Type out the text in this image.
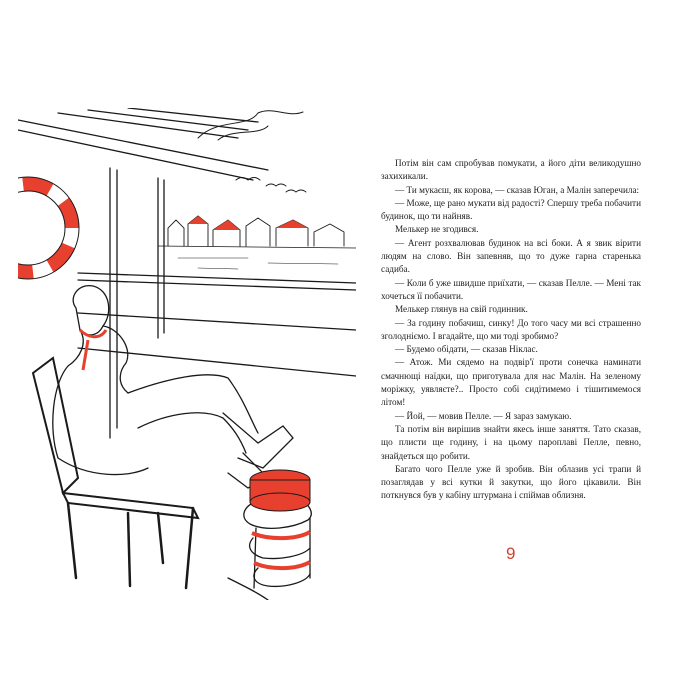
Потім він сам спробував помукати, а його діти великодушно захихикали.

— Ти мукаєш, як корова, — сказав Юган, а Малін заперечила:

— Може, ще рано мукати від радості? Спершу треба побачити будинок, що ти найняв.

Мелькер не згодився.

— Агент розхвалював будинок на всі боки. А я звик вірити людям на слово. Він запевняв, що то дуже гарна старенька садиба.

— Коли б уже швидше приїхати, — сказав Пелле. — Мені так хочеться її побачити.

Мелькер глянув на свій годинник.

— За годину побачиш, синку! До того часу ми всі страшенно зголодніємо. І вгадайте, що ми тоді зробимо?

— Будемо обідати, — сказав Ніклас.

— Атож. Ми сядемо на подвір'ї проти сонечка наминати смачнющі наїдки, що приготувала для нас Малін. На зеленому моріжку, уявляєте?.. Просто собі сидітимемо і тішитимемося літом!

— Йой, — мовив Пелле. — Я зараз замукаю.

Та потім він вирішив знайти якесь інше заняття. Тато сказав, що плисти ще годину, і на цьому пароплаві Пелле, певно, знайдеться що робити.

Багато чого Пелле уже й зробив. Він облазив усі трапи й позаглядав у всі кутки й закутки, що його цікавили. Він поткнувся був у кабіну штурмана і спіймав облизня.

9
